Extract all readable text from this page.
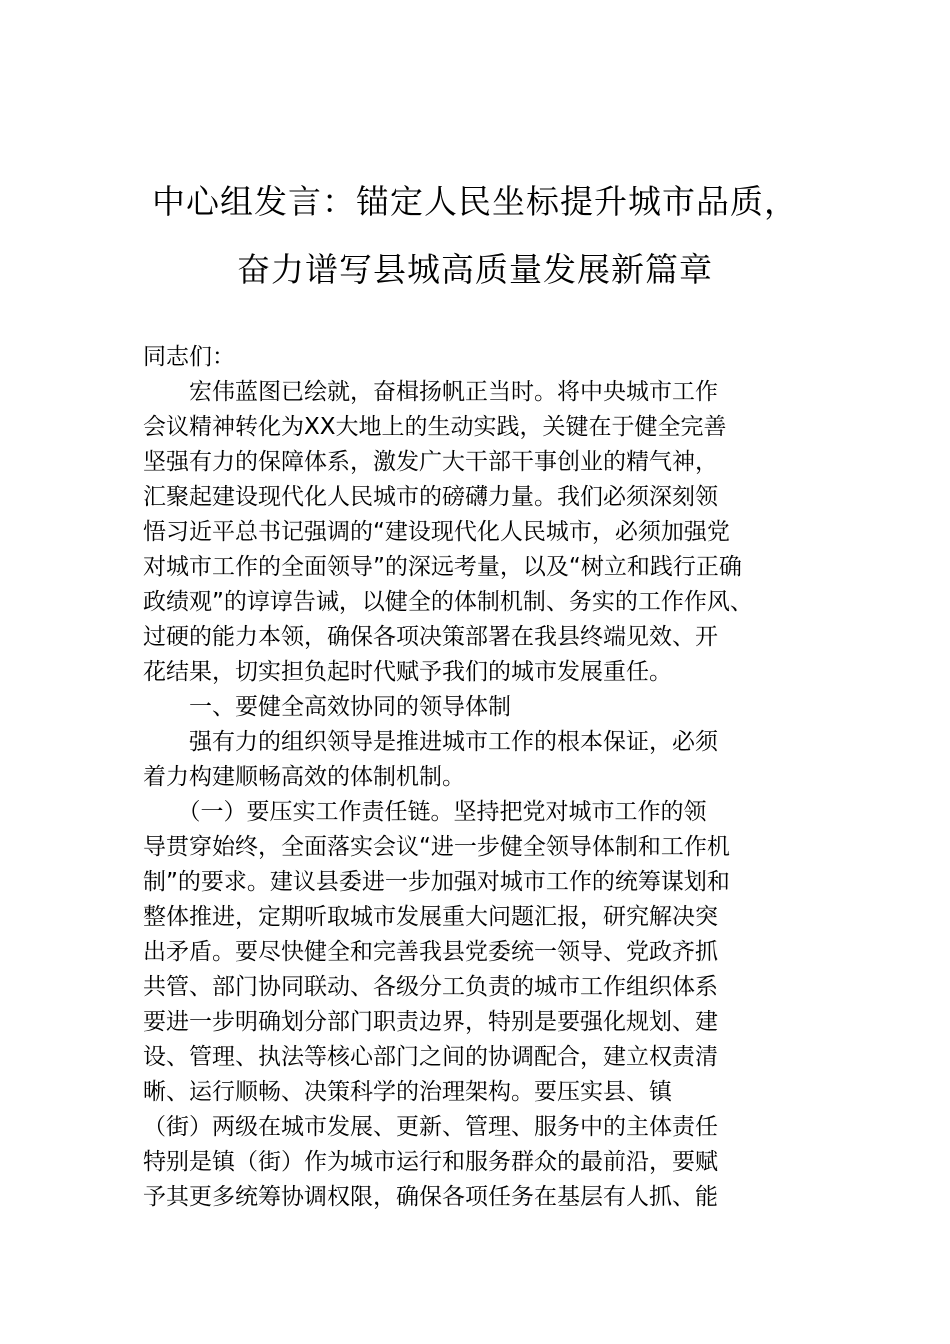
中心组发言：锚定人民坐标提升城市品质，
奋力谱写县城高质量发展新篇章
同志们：
　　宏伟蓝图已绘就，奋楫扬帆正当时。将中央城市工作
会议精神转化为XX大地上的生动实践，关键在于健全完善
坚强有力的保障体系，激发广大干部干事创业的精气神，
汇聚起建设现代化人民城市的磅礴力量。我们必须深刻领
悟习近平总书记强调的“建设现代化人民城市，必须加强党
对城市工作的全面领导”的深远考量，以及“树立和践行正确
政绩观”的谆谆告诫，以健全的体制机制、务实的工作作风、
过硬的能力本领，确保各项决策部署在我县终端见效、开
花结果，切实担负起时代赋予我们的城市发展重任。
　　一、要健全高效协同的领导体制
　　强有力的组织领导是推进城市工作的根本保证，必须
着力构建顺畅高效的体制机制。
　　（一）要压实工作责任链。坚持把党对城市工作的领
导贯穿始终，全面落实会议“进一步健全领导体制和工作机
制”的要求。建议县委进一步加强对城市工作的统筹谋划和
整体推进，定期听取城市发展重大问题汇报，研究解决突
出矛盾。要尽快健全和完善我县党委统一领导、党政齐抓
共管、部门协同联动、各级分工负责的城市工作组织体系
要进一步明确划分部门职责边界，特别是要强化规划、建
设、管理、执法等核心部门之间的协调配合，建立权责清
晰、运行顺畅、决策科学的治理架构。要压实县、镇
（街）两级在城市发展、更新、管理、服务中的主体责任
特别是镇（街）作为城市运行和服务群众的最前沿，要赋
予其更多统筹协调权限，确保各项任务在基层有人抓、能
